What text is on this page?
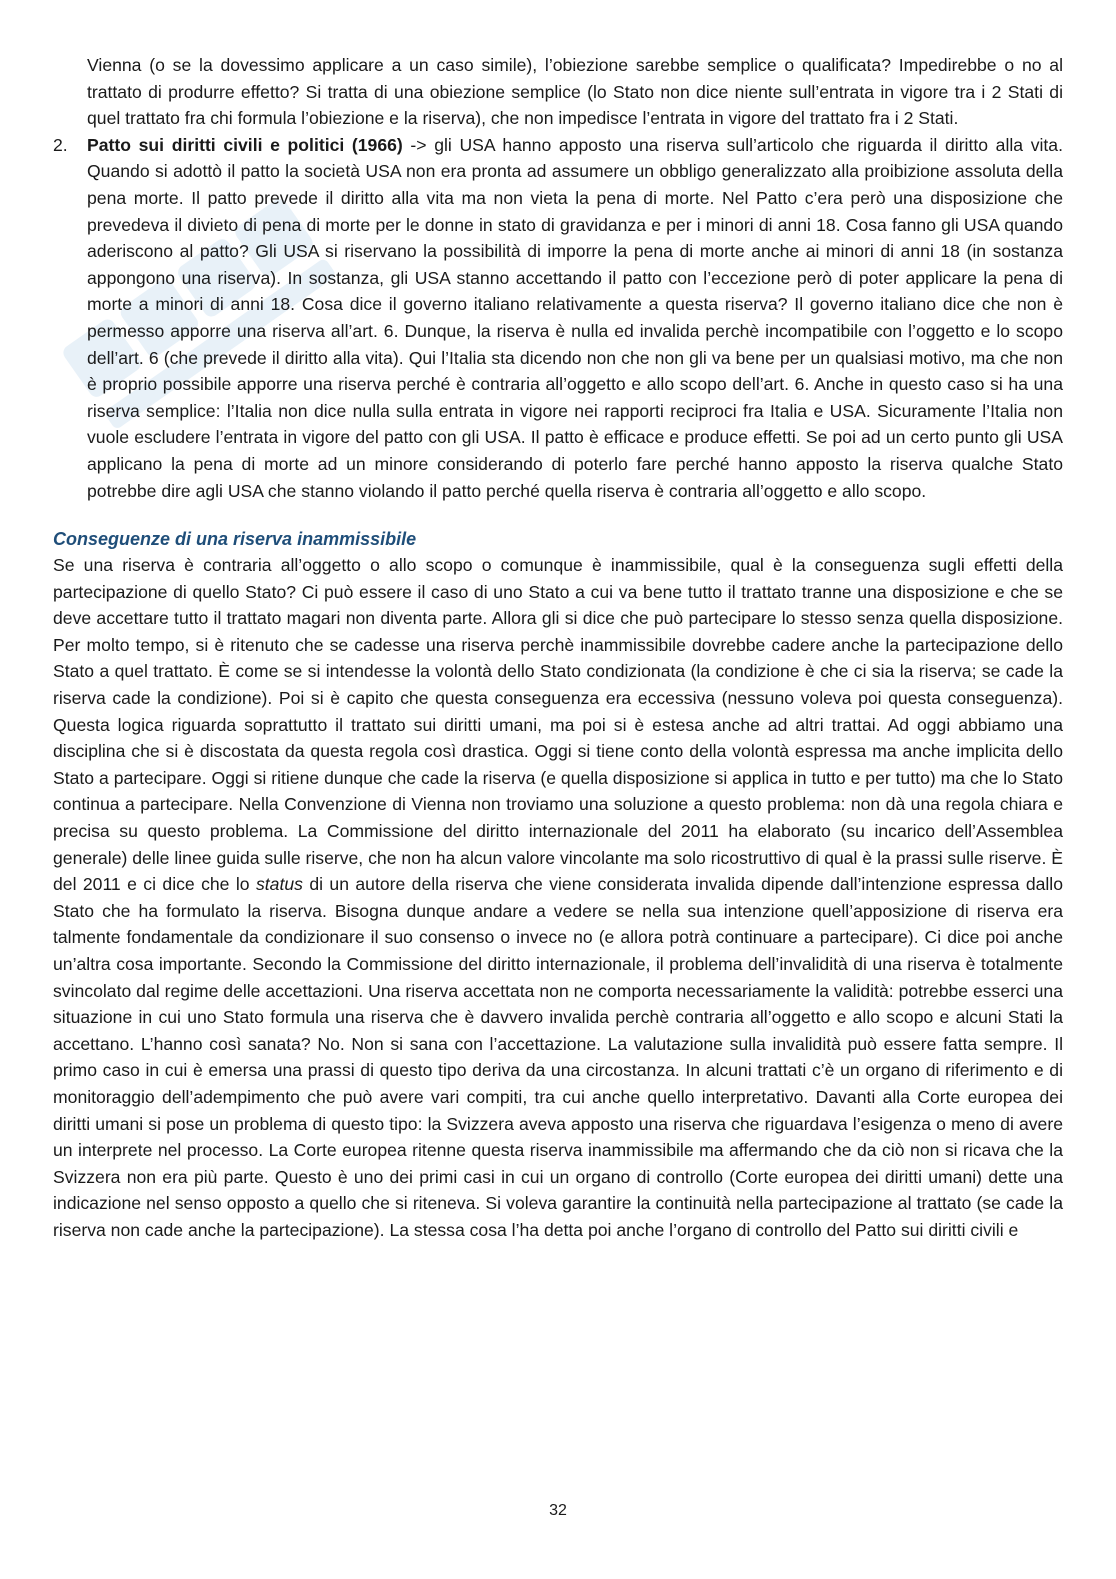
Vienna (o se la dovessimo applicare a un caso simile), l’obiezione sarebbe semplice o qualificata? Impedirebbe o no al trattato di produrre effetto? Si tratta di una obiezione semplice (lo Stato non dice niente sull’entrata in vigore tra i 2 Stati di quel trattato fra chi formula l’obiezione e la riserva), che non impedisce l’entrata in vigore del trattato fra i 2 Stati.

2. Patto sui diritti civili e politici (1966) -> gli USA hanno apposto una riserva sull’articolo che riguarda il diritto alla vita. Quando si adottò il patto la società USA non era pronta ad assumere un obbligo generalizzato alla proibizione assoluta della pena morte. Il patto prevede il diritto alla vita ma non vieta la pena di morte. Nel Patto c’era però una disposizione che prevedeva il divieto di pena di morte per le donne in stato di gravidanza e per i minori di anni 18. Cosa fanno gli USA quando aderiscono al patto? Gli USA si riservano la possibilità di imporre la pena di morte anche ai minori di anni 18 (in sostanza appongono una riserva). In sostanza, gli USA stanno accettando il patto con l’eccezione però di poter applicare la pena di morte a minori di anni 18. Cosa dice il governo italiano relativamente a questa riserva? Il governo italiano dice che non è permesso apporre una riserva all’art. 6. Dunque, la riserva è nulla ed invalida perchè incompatibile con l’oggetto e lo scopo dell’art. 6 (che prevede il diritto alla vita). Qui l’Italia sta dicendo non che non gli va bene per un qualsiasi motivo, ma che non è proprio possibile apporre una riserva perché è contraria all’oggetto e allo scopo dell’art. 6. Anche in questo caso si ha una riserva semplice: l’Italia non dice nulla sulla entrata in vigore nei rapporti reciproci fra Italia e USA. Sicuramente l’Italia non vuole escludere l’entrata in vigore del patto con gli USA. Il patto è efficace e produce effetti. Se poi ad un certo punto gli USA applicano la pena di morte ad un minore considerando di poterlo fare perché hanno apposto la riserva qualche Stato potrebbe dire agli USA che stanno violando il patto perché quella riserva è contraria all’oggetto e allo scopo.

Conseguenze di una riserva inammissibile

Se una riserva è contraria all’oggetto o allo scopo o comunque è inammissibile, qual è la conseguenza sugli effetti della partecipazione di quello Stato? Ci può essere il caso di uno Stato a cui va bene tutto il trattato tranne una disposizione e che se deve accettare tutto il trattato magari non diventa parte. Allora gli si dice che può partecipare lo stesso senza quella disposizione. Per molto tempo, si è ritenuto che se cadesse una riserva perchè inammissibile dovrebbe cadere anche la partecipazione dello Stato a quel trattato. È come se si intendesse la volontà dello Stato condizionata (la condizione è che ci sia la riserva; se cade la riserva cade la condizione). Poi si è capito che questa conseguenza era eccessiva (nessuno voleva poi questa conseguenza). Questa logica riguarda soprattutto il trattato sui diritti umani, ma poi si è estesa anche ad altri trattai. Ad oggi abbiamo una disciplina che si è discostata da questa regola così drastica. Oggi si tiene conto della volontà espressa ma anche implicita dello Stato a partecipare. Oggi si ritiene dunque che cade la riserva (e quella disposizione si applica in tutto e per tutto) ma che lo Stato continua a partecipare. Nella Convenzione di Vienna non troviamo una soluzione a questo problema: non dà una regola chiara e precisa su questo problema. La Commissione del diritto internazionale del 2011 ha elaborato (su incarico dell’Assemblea generale) delle linee guida sulle riserve, che non ha alcun valore vincolante ma solo ricostruttivo di qual è la prassi sulle riserve. È del 2011 e ci dice che lo status di un autore della riserva che viene considerata invalida dipende dall’intenzione espressa dallo Stato che ha formulato la riserva. Bisogna dunque andare a vedere se nella sua intenzione quell’apposizione di riserva era talmente fondamentale da condizionare il suo consenso o invece no (e allora potrà continuare a partecipare). Ci dice poi anche un’altra cosa importante. Secondo la Commissione del diritto internazionale, il problema dell’invalidità di una riserva è totalmente svincolato dal regime delle accettazioni. Una riserva accettata non ne comporta necessariamente la validità: potrebbe esserci una situazione in cui uno Stato formula una riserva che è davvero invalida perchè contraria all’oggetto e allo scopo e alcuni Stati la accettano. L’hanno così sanata? No. Non si sana con l’accettazione. La valutazione sulla invalidità può essere fatta sempre. Il primo caso in cui è emersa una prassi di questo tipo deriva da una circostanza. In alcuni trattati c’è un organo di riferimento e di monitoraggio dell’adempimento che può avere vari compiti, tra cui anche quello interpretativo. Davanti alla Corte europea dei diritti umani si pose un problema di questo tipo: la Svizzera aveva apposto una riserva che riguardava l’esigenza o meno di avere un interprete nel processo. La Corte europea ritenne questa riserva inammissibile ma affermando che da ciò non si ricava che la Svizzera non era più parte. Questo è uno dei primi casi in cui un organo di controllo (Corte europea dei diritti umani) dette una indicazione nel senso opposto a quello che si riteneva. Si voleva garantire la continuità nella partecipazione al trattato (se cade la riserva non cade anche la partecipazione). La stessa cosa l’ha detta poi anche l’organo di controllo del Patto sui diritti civili e

32
